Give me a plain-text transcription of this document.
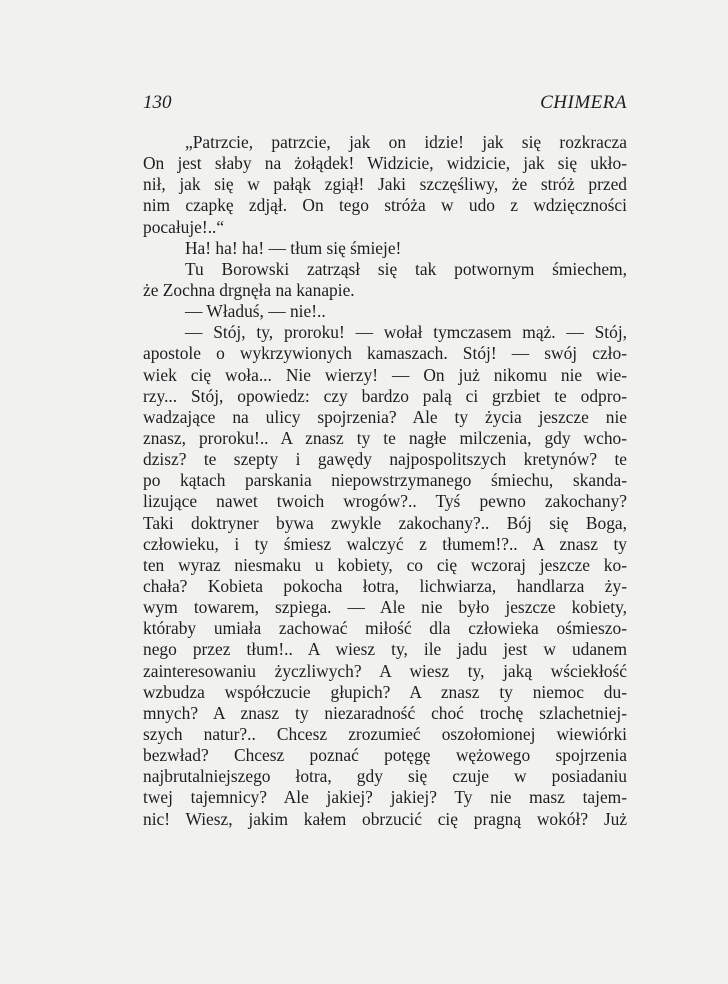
130	CHIMERA
„Patrzcie, patrzcie, jak on idzie! jak się rozkracza
On jest słaby na żołądek! Widzicie, widzicie, jak się ukło-
nił, jak się w pałąk zgiął! Jaki szczęśliwy, że stróż przed
nim czapkę zdjął. On tego stróża w udo z wdzięczności
pocałuje!..“
Ha! ha! ha! — tłum się śmieje!
Tu Borowski zatrząsł się tak potwornym śmiechem,
że Zochna drgnęła na kanapie.
— Właduś, — nie!..
— Stój, ty, proroku! — wołał tymczasem mąż. — Stój,
apostole o wykrzywionych kamaszach. Stój! — swój czło-
wiek cię woła... Nie wierzy! — On już nikomu nie wie-
rzy... Stój, opowiedz: czy bardzo palą ci grzbiet te odpro-
wadzające na ulicy spojrzenia? Ale ty życia jeszcze nie
znasz, proroku!.. A znasz ty te nagłe milczenia, gdy wcho-
dzisz? te szepty i gawędy najpospolitszych kretynów? te
po kątach parskania niepowstrzymanego śmiechu, skanda-
lizujące nawet twoich wrogów?.. Tyś pewno zakochany?
Taki doktryner bywa zwykle zakochany?.. Bój się Boga,
człowieku, i ty śmiesz walczyć z tłumem!?.. A znasz ty
ten wyraz niesmaku u kobiety, co cię wczoraj jeszcze ko-
chała? Kobieta pokocha łotra, lichwiarza, handlarza ży-
wym towarem, szpiega. — Ale nie było jeszcze kobiety,
któraby umiała zachować miłość dla człowieka ośmieszo-
nego przez tłum!.. A wiesz ty, ile jadu jest w udanem
zainteresowaniu życzliwych? A wiesz ty, jaką wściekłość
wzbudza współczucie głupich? A znasz ty niemoc du-
mnych? A znasz ty niezaradność choć trochę szlachetniej-
szych natur?.. Chcesz zrozumieć oszołomionej wiewiórki
bezwład? Chcesz poznać potęgę wężowego spojrzenia
najbrutalniejszego łotra, gdy się czuje w posiadaniu
twej tajemnicy? Ale jakiej? jakiej? Ty nie masz tajem-
nic! Wiesz, jakim kałem obrzucić cię pragną wokół? Już
